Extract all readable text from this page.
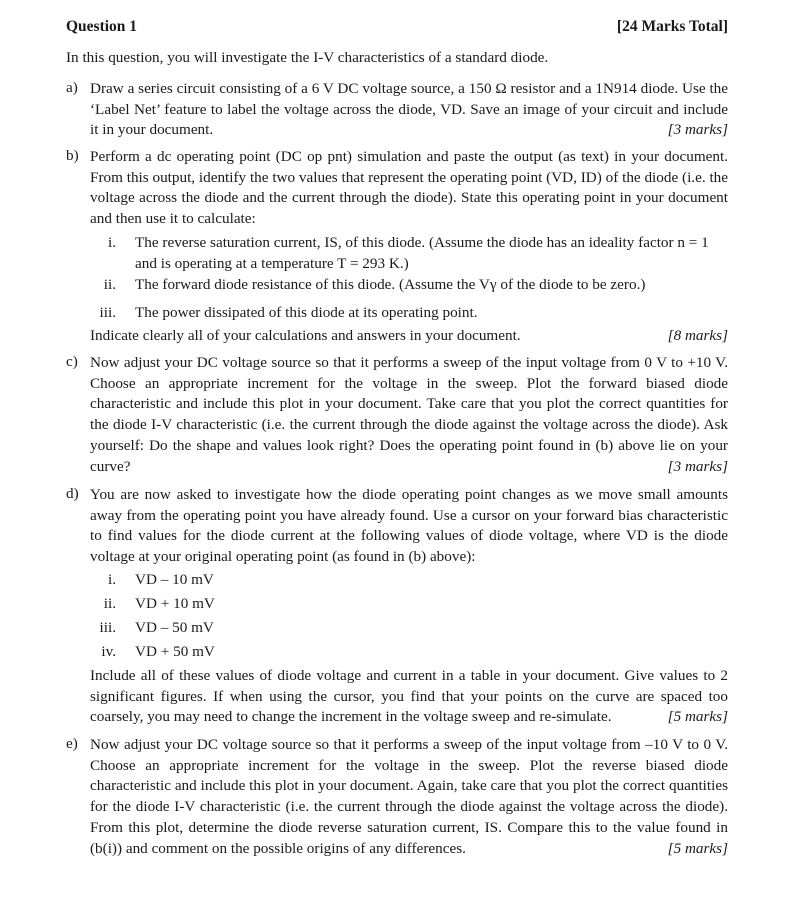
Question 1	[24 Marks Total]
In this question, you will investigate the I-V characteristics of a standard diode.
a) Draw a series circuit consisting of a 6 V DC voltage source, a 150 Ω resistor and a 1N914 diode. Use the ‘Label Net’ feature to label the voltage across the diode, VD. Save an image of your circuit and include it in your document.	[3 marks]
b) Perform a dc operating point (DC op pnt) simulation and paste the output (as text) in your document. From this output, identify the two values that represent the operating point (VD, ID) of the diode (i.e. the voltage across the diode and the current through the diode). State this operating point in your document and then use it to calculate:
i. The reverse saturation current, IS, of this diode. (Assume the diode has an ideality factor n = 1 and is operating at a temperature T = 293 K.)
ii. The forward diode resistance of this diode. (Assume the Vγ of the diode to be zero.)
iii. The power dissipated of this diode at its operating point.
Indicate clearly all of your calculations and answers in your document.	[8 marks]
c) Now adjust your DC voltage source so that it performs a sweep of the input voltage from 0 V to +10 V. Choose an appropriate increment for the voltage in the sweep. Plot the forward biased diode characteristic and include this plot in your document. Take care that you plot the correct quantities for the diode I-V characteristic (i.e. the current through the diode against the voltage across the diode). Ask yourself: Do the shape and values look right? Does the operating point found in (b) above lie on your curve?	[3 marks]
d) You are now asked to investigate how the diode operating point changes as we move small amounts away from the operating point you have already found. Use a cursor on your forward bias characteristic to find values for the diode current at the following values of diode voltage, where VD is the diode voltage at your original operating point (as found in (b) above):
i. VD – 10 mV
ii. VD + 10 mV
iii. VD – 50 mV
iv. VD + 50 mV
Include all of these values of diode voltage and current in a table in your document. Give values to 2 significant figures. If when using the cursor, you find that your points on the curve are spaced too coarsely, you may need to change the increment in the voltage sweep and re-simulate.	[5 marks]
e) Now adjust your DC voltage source so that it performs a sweep of the input voltage from –10 V to 0 V. Choose an appropriate increment for the voltage in the sweep. Plot the reverse biased diode characteristic and include this plot in your document. Again, take care that you plot the correct quantities for the diode I-V characteristic (i.e. the current through the diode against the voltage across the diode). From this plot, determine the diode reverse saturation current, IS. Compare this to the value found in (b(i)) and comment on the possible origins of any differences.	[5 marks]
